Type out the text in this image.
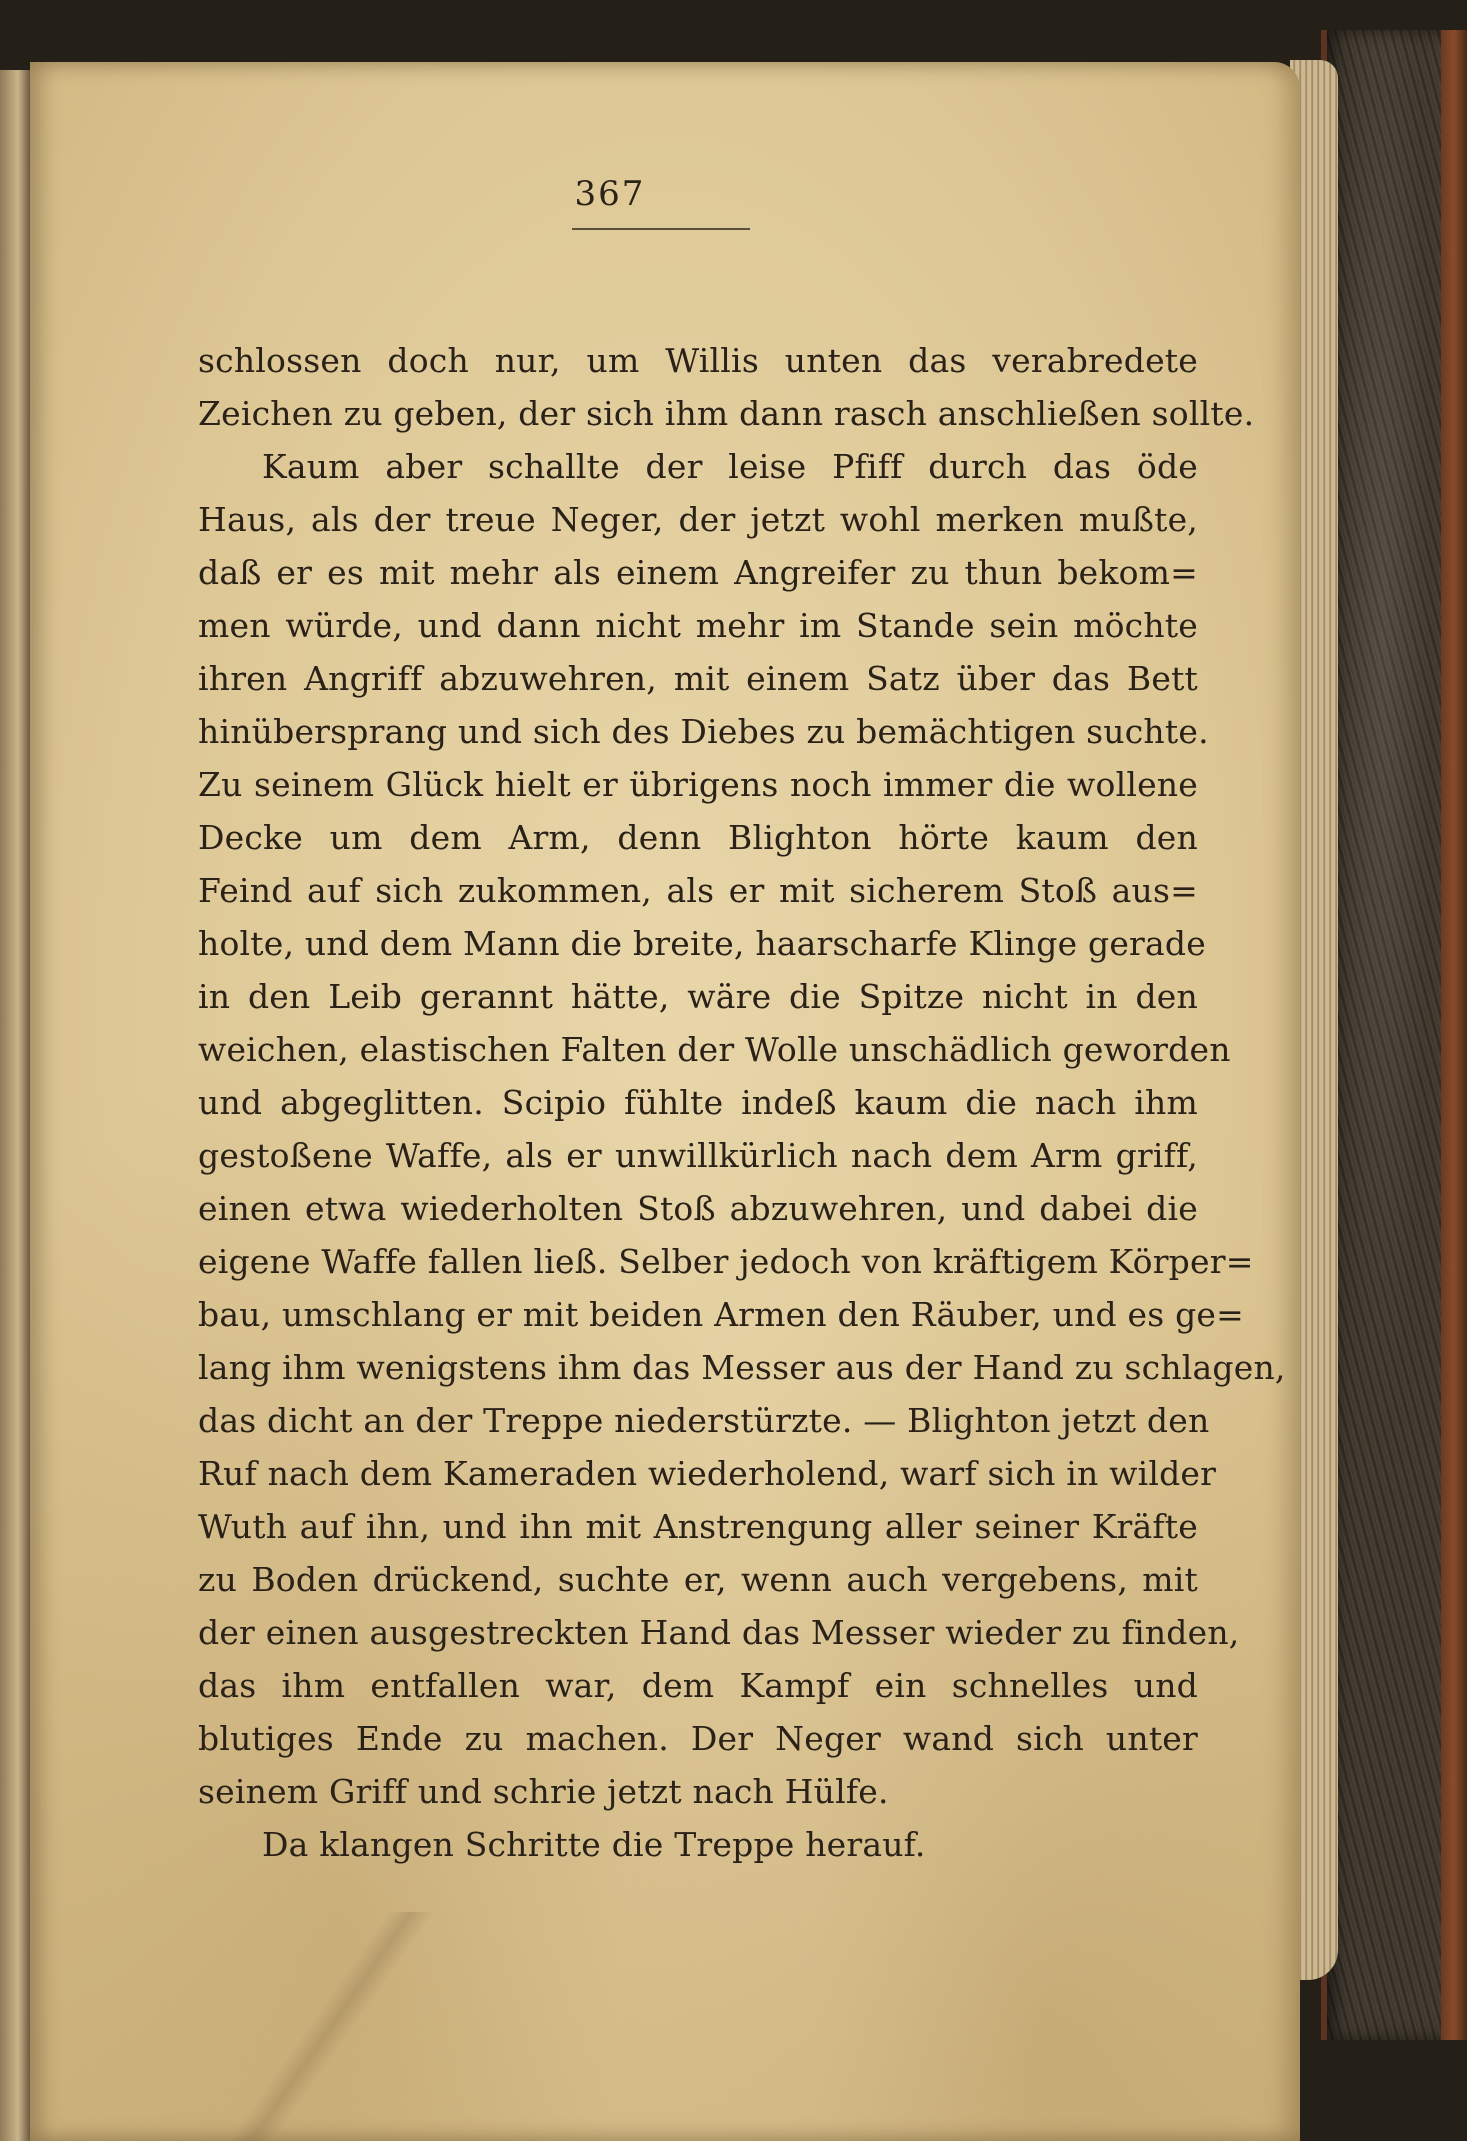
367
schlossen doch nur, um Willis unten das verabredete
Zeichen zu geben, der sich ihm dann rasch anschließen sollte.
Kaum aber schallte der leise Pfiff durch das öde
Haus, als der treue Neger, der jetzt wohl merken mußte,
daß er es mit mehr als einem Angreifer zu thun bekom=
men würde, und dann nicht mehr im Stande sein möchte
ihren Angriff abzuwehren, mit einem Satz über das Bett
hinübersprang und sich des Diebes zu bemächtigen suchte.
Zu seinem Glück hielt er übrigens noch immer die wollene
Decke um dem Arm, denn Blighton hörte kaum den
Feind auf sich zukommen, als er mit sicherem Stoß aus=
holte, und dem Mann die breite, haarscharfe Klinge gerade
in den Leib gerannt hätte, wäre die Spitze nicht in den
weichen, elastischen Falten der Wolle unschädlich geworden
und abgeglitten. Scipio fühlte indeß kaum die nach ihm
gestoßene Waffe, als er unwillkürlich nach dem Arm griff,
einen etwa wiederholten Stoß abzuwehren, und dabei die
eigene Waffe fallen ließ. Selber jedoch von kräftigem Körper=
bau, umschlang er mit beiden Armen den Räuber, und es ge=
lang ihm wenigstens ihm das Messer aus der Hand zu schlagen,
das dicht an der Treppe niederstürzte. — Blighton jetzt den
Ruf nach dem Kameraden wiederholend, warf sich in wilder
Wuth auf ihn, und ihn mit Anstrengung aller seiner Kräfte
zu Boden drückend, suchte er, wenn auch vergebens, mit
der einen ausgestreckten Hand das Messer wieder zu finden,
das ihm entfallen war, dem Kampf ein schnelles und
blutiges Ende zu machen. Der Neger wand sich unter
seinem Griff und schrie jetzt nach Hülfe.
Da klangen Schritte die Treppe herauf.
